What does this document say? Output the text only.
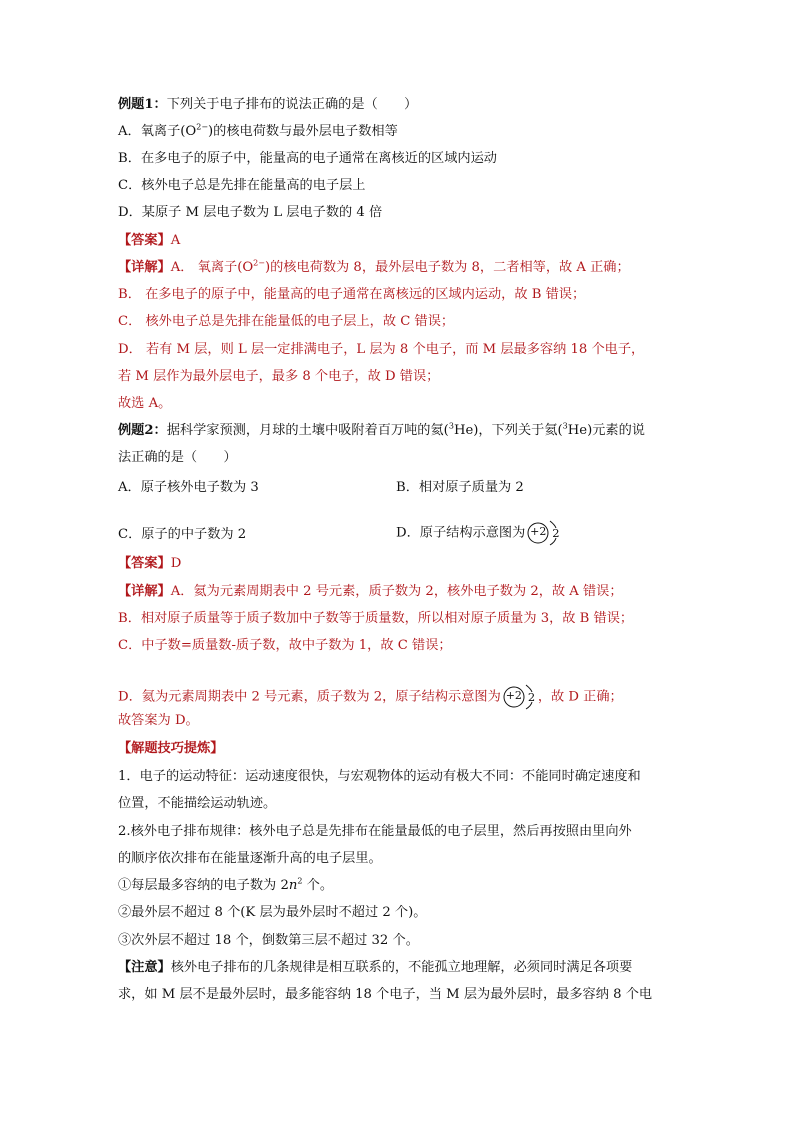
例题1：下列关于电子排布的说法正确的是（　　）
A．氧离子$(O^{2-})$的核电荷数与最外层电子数相等
B．在多电子的原子中，能量高的电子通常在离核近的区域内运动
C．核外电子总是先排在能量高的电子层上
D．某原子 M 层电子数为 L 层电子数的 4 倍
【答案】A
【详解】A． 氧离子$(O^{2-})$的核电荷数为 8，最外层电子数为 8，二者相等，故 A 正确；
B． 在多电子的原子中，能量高的电子通常在离核远的区域内运动，故 B 错误；
C． 核外电子总是先排在能量低的电子层上，故 C 错误；
D． 若有 M 层，则 L 层一定排满电子，L 层为 8 个电子，而 M 层最多容纳 18 个电子，
若 M 层作为最外层电子，最多 8 个电子，故 D 错误；
故选 A。
例题2：据科学家预测，月球的土壤中吸附着百万吨的氦($^3$He)，下列关于氦($^3$He)元素的说
法正确的是（　　）
A．原子核外电子数为 3	B．相对原子质量为 2
C．原子的中子数为 2	D．原子结构示意图为 +2 2
【答案】D
【详解】A．氦为元素周期表中 2 号元素，质子数为 2，核外电子数为 2，故 A 错误；
B．相对原子质量等于质子数加中子数等于质量数，所以相对原子质量为 3，故 B 错误；
C．中子数=质量数-质子数，故中子数为 1，故 C 错误；
D．氦为元素周期表中 2 号元素，质子数为 2，原子结构示意图为 +2 2 ，故 D 正确；
故答案为 D。
【解题技巧提炼】
1．电子的运动特征：运动速度很快，与宏观物体的运动有极大不同：不能同时确定速度和
位置，不能描绘运动轨迹。
2.核外电子排布规律：核外电子总是先排布在能量最低的电子层里，然后再按照由里向外
的顺序依次排布在能量逐渐升高的电子层里。
①每层最多容纳的电子数为 $2n^2$ 个。
②最外层不超过 8 个(K 层为最外层时不超过 2 个)。
③次外层不超过 18 个，倒数第三层不超过 32 个。
【注意】核外电子排布的几条规律是相互联系的，不能孤立地理解，必须同时满足各项要
求，如 M 层不是最外层时，最多能容纳 18 个电子，当 M 层为最外层时，最多容纳 8 个电
